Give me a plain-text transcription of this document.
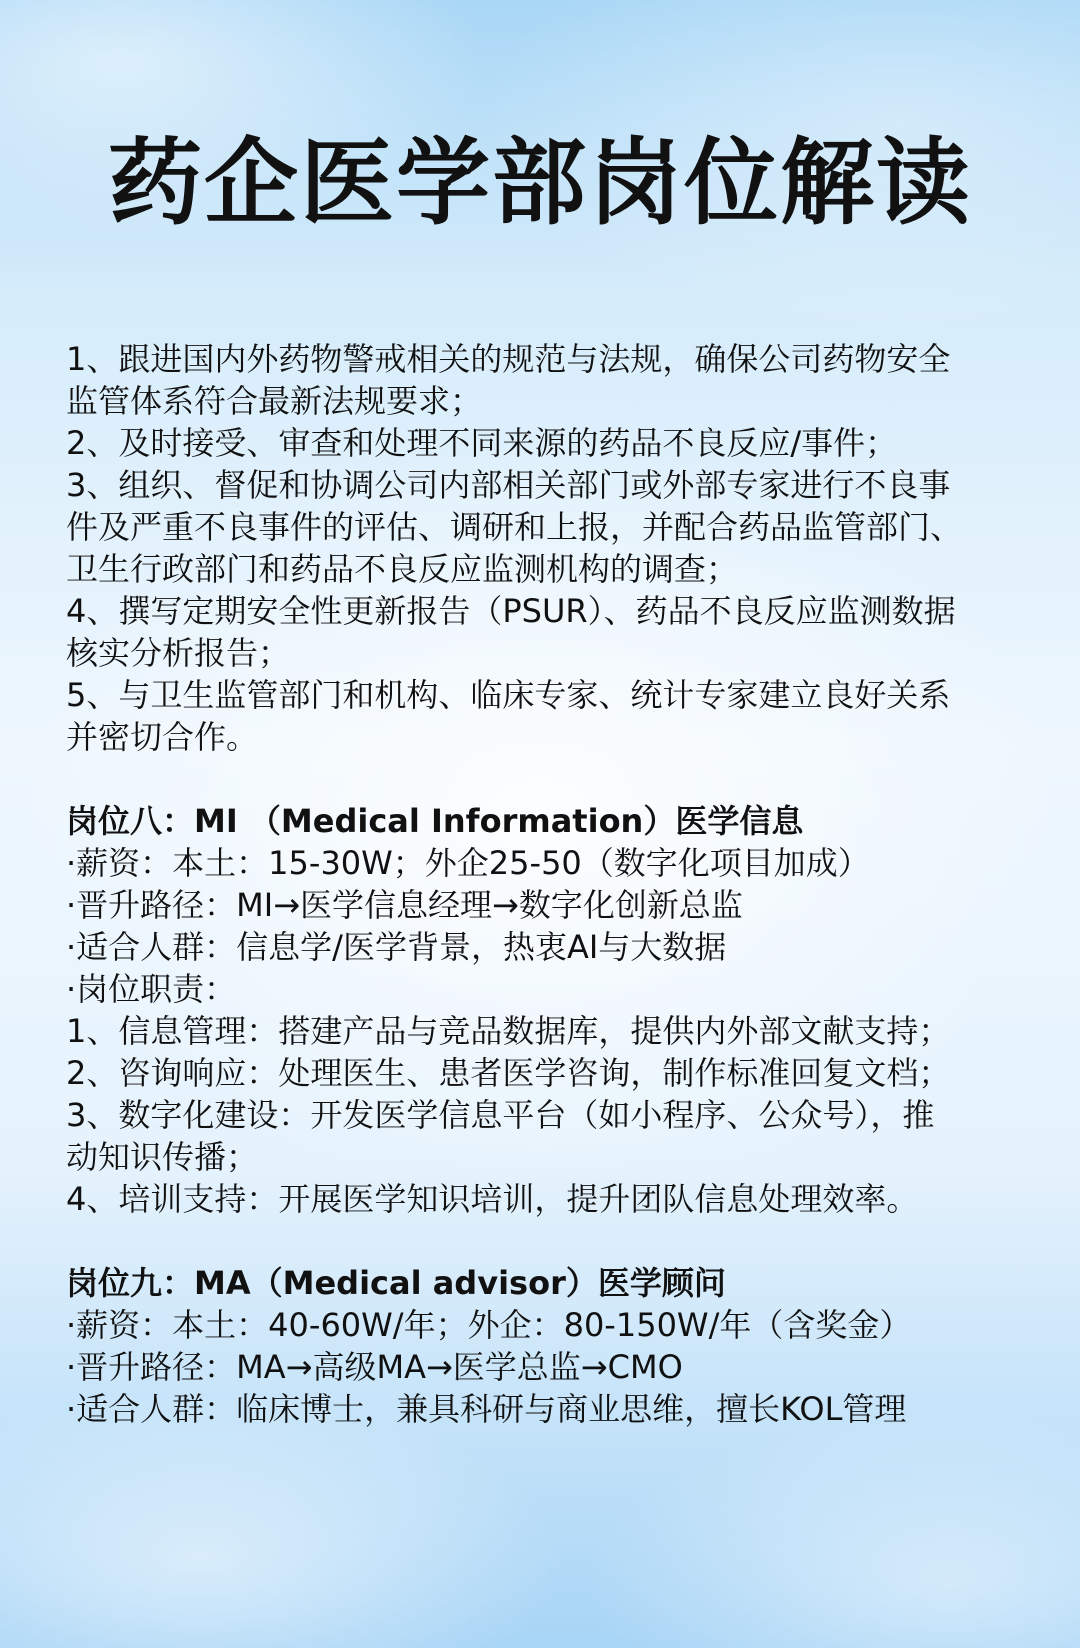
药企医学部岗位解读

1、跟进国内外药物警戒相关的规范与法规，确保公司药物安全

监管体系符合最新法规要求；

2、及时接受、审查和处理不同来源的药品不良反应/事件；

3、组织、督促和协调公司内部相关部门或外部专家进行不良事

件及严重不良事件的评估、调研和上报，并配合药品监管部门、

卫生行政部门和药品不良反应监测机构的调查；

4、撰写定期安全性更新报告（PSUR）、药品不良反应监测数据

核实分析报告；

5、与卫生监管部门和机构、临床专家、统计专家建立良好关系

并密切合作。

岗位八：MI （Medical Information）医学信息

·薪资：本土：15-30W；外企25-50（数字化项目加成）

·晋升路径：MI→医学信息经理→数字化创新总监

·适合人群：信息学/医学背景，热衷AI与大数据

·岗位职责：

1、信息管理：搭建产品与竞品数据库，提供内外部文献支持；

2、咨询响应：处理医生、患者医学咨询，制作标准回复文档；

3、数字化建设：开发医学信息平台（如小程序、公众号），推

动知识传播；

4、培训支持：开展医学知识培训，提升团队信息处理效率。

岗位九：MA（Medical advisor）医学顾问

·薪资：本土：40-60W/年；外企：80-150W/年（含奖金）

·晋升路径：MA→高级MA→医学总监→CMO

·适合人群：临床博士，兼具科研与商业思维，擅长KOL管理
